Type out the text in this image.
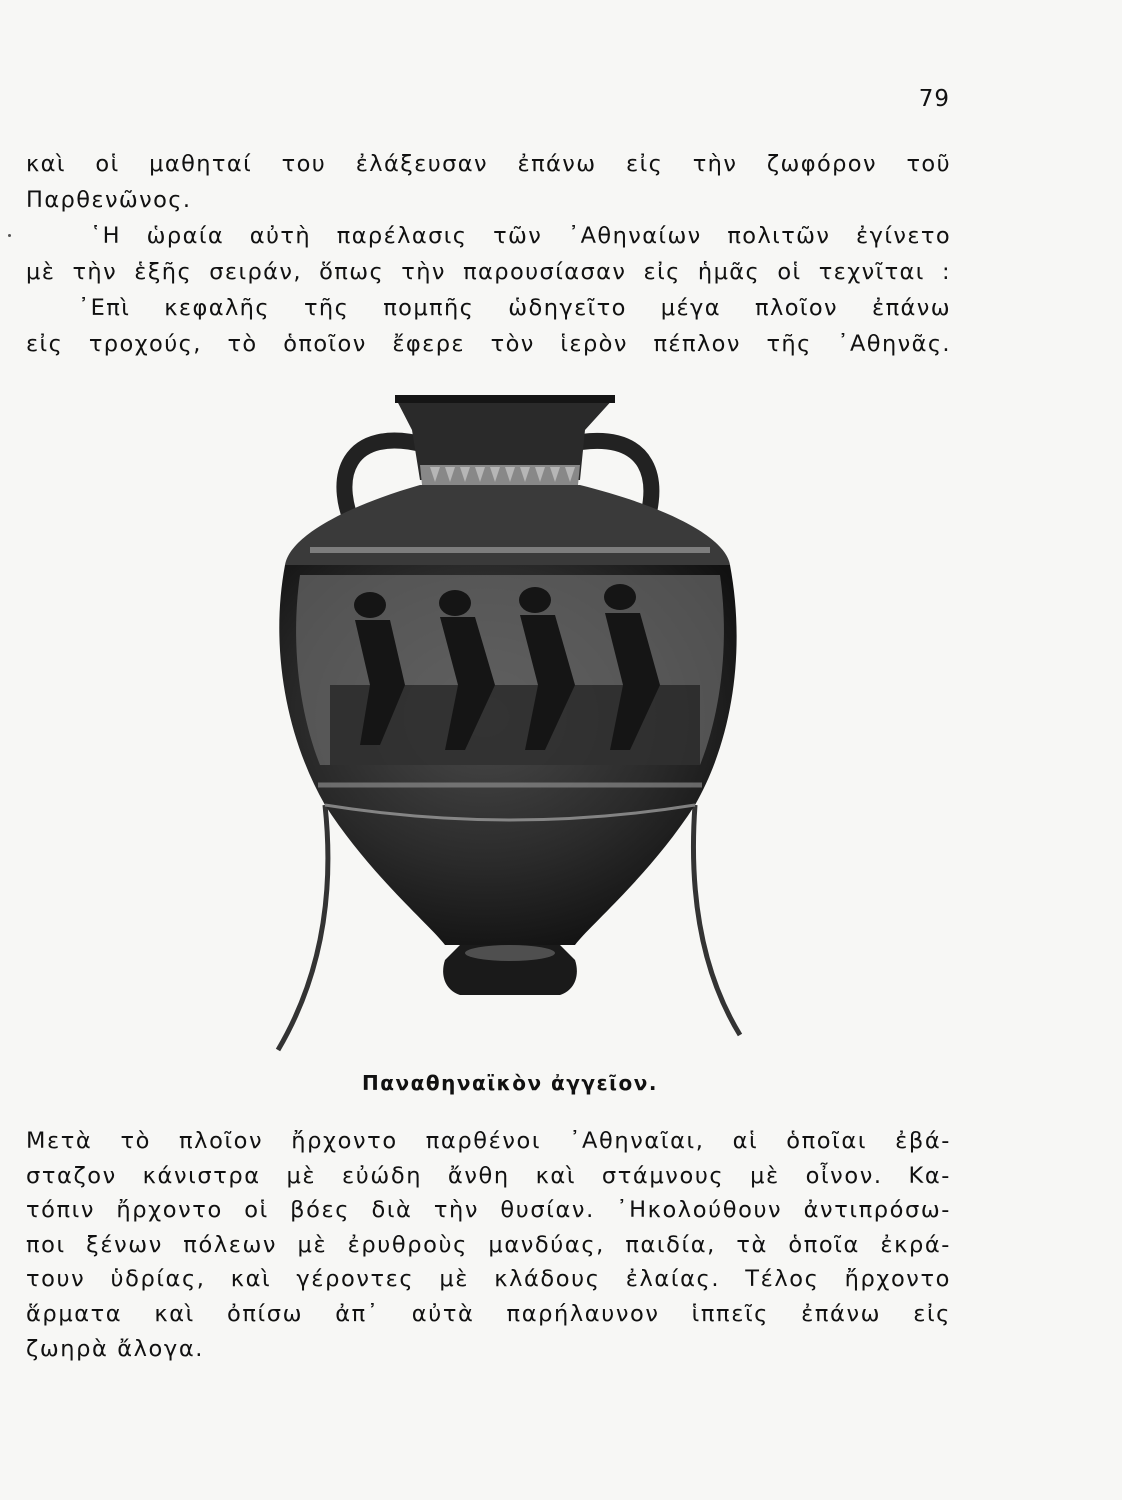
79
καὶ οἱ μαθηταί του ἐλάξευσαν ἐπάνω εἰς τὴν ζωφόρον τοῦ
Παρθενῶνος.
῾Η ὡραία αὐτὴ παρέλασις τῶν ᾿Αθηναίων πολιτῶν ἐγίνετο
μὲ τὴν ἑξῆς σειράν, ὅπως τὴν παρουσίασαν εἰς ἡμᾶς οἱ τεχνῖται :
᾿Επὶ κεφαλῆς τῆς πομπῆς ὡδηγεῖτο μέγα πλοῖον ἐπάνω
εἰς τροχούς, τὸ ὁποῖον ἔφερε τὸν ἱερὸν πέπλον τῆς ᾿Αθηνᾶς.
Παναθηναϊκὸν ἀγγεῖον.
Μετὰ τὸ πλοῖον ἤρχοντο παρθένοι ᾿Αθηναῖαι, αἱ ὁποῖαι ἐβά-
σταζον κάνιστρα μὲ εὐώδη ἄνθη καὶ στάμνους μὲ οἶνον. Κα-
τόπιν ἤρχοντο οἱ βόες διὰ τὴν θυσίαν. ᾿Ηκολούθουν ἀντιπρόσω-
ποι ξένων πόλεων μὲ ἐρυθροὺς μανδύας, παιδία, τὰ ὁποῖα ἐκρά-
τουν ὑδρίας, καὶ γέροντες μὲ κλάδους ἐλαίας. Τέλος ἤρχοντο
ἅρματα καὶ ὀπίσω ἀπ᾿ αὐτὰ παρήλαυνον ἱππεῖς ἐπάνω εἰς
ζωηρὰ ἄλογα.
